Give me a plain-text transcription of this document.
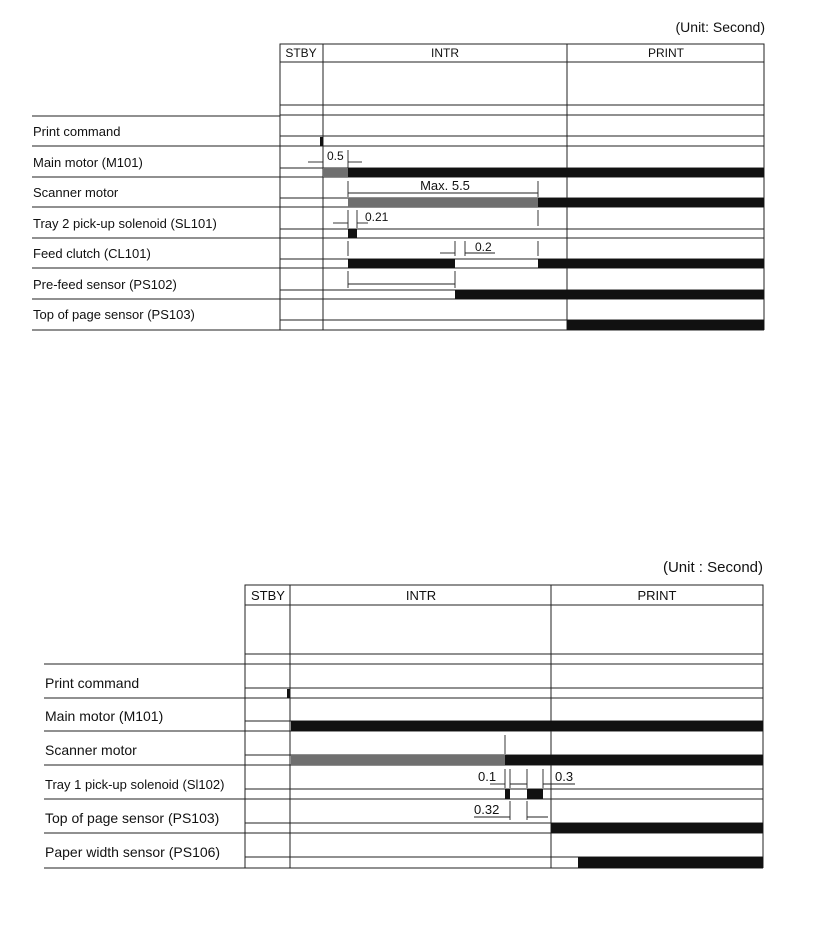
(Unit: Second)
STBY	INTR	PRINT
Print command
Main motor (M101)
Scanner motor
Tray 2 pick-up solenoid (SL101)
Feed clutch (CL101)
Pre-feed sensor (PS102)
Top of page sensor (PS103)
0.5
Max. 5.5
0.21
0.2
(Unit : Second)
STBY	INTR	PRINT
Print command
Main motor (M101)
Scanner motor
Tray 1 pick-up solenoid (Sl102)
Top of page sensor (PS103)
Paper width sensor (PS106)
0.1	0.3
0.32
